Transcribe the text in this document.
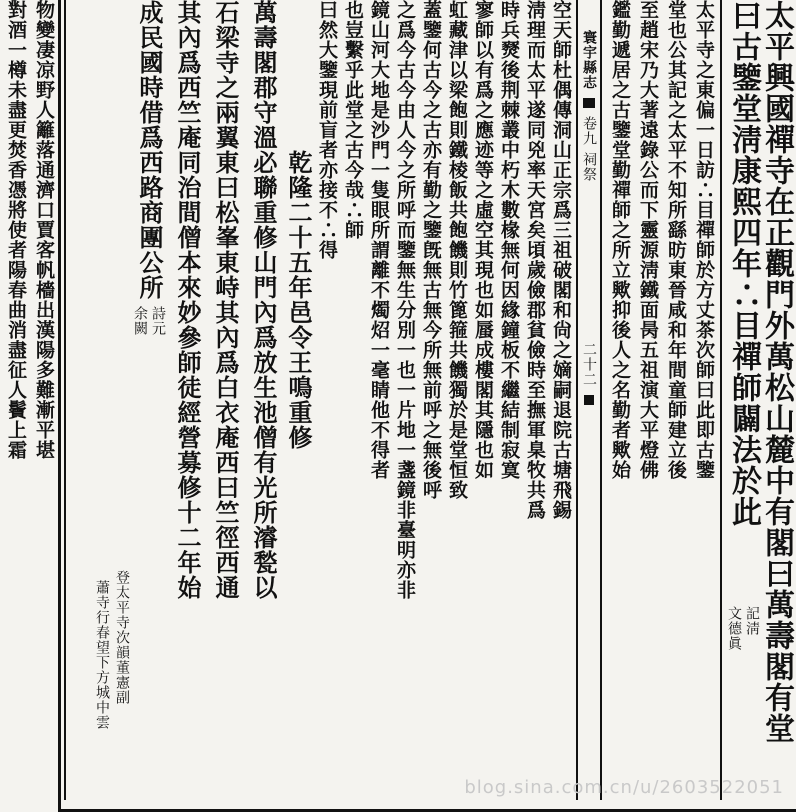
太平興國禪寺在正觀門外萬松山麓中有閣曰萬壽閣有堂
曰古鑒堂淸康熙四年∴目禪師闢法於此
記淸
文德眞
太平寺之東偏一日訪∴目禪師於方丈茶次師曰此即古鑒
堂也公其記之太平不知所繇昉東晉咸和年間童師建立後
至趙宋乃大著遠錄公而下靈源淸鐵面昺五祖演大平燈佛
鑑勤遞居之古鑒堂勤禪師之所立歟抑後人之名勤者歟始
寰宇縣志
卷九
祠祭
二十二
空天師杜偶傳洞山正宗爲三祖破閣和尙之嫡嗣退院古塘飛錫
淸理而太平遂同兇率天宮矣頃歲儉郡貧儉時至撫軍臬牧共爲
時兵燹後荆棘叢中朽木數椽無何因緣鐘板不繼結制寂寞
寥師以有爲之應迹等之虛空其現也如蜃成樓閣其隱也如
虹藏津以梁飽則鐵棱飯共飽饑則竹篦箍共饑獨於是堂恒致
蓋鑒何古今之古亦有勤之鑒旣無古無今所無前呼之無後呼
之爲今古今由人今之所呼而鑒無生分別一也一片地一盞鏡非臺明亦非
鏡山河大地是沙門一隻眼所謂離不燭炤一毫睛他不得者
也豈繫乎此堂之古今哉∴師
曰然大鑒現前盲者亦接不∴得
乾隆二十五年邑令王鳴重修
萬壽閣郡守溫必聯重修山門內爲放生池僧有光所濬甃以
石梁寺之兩翼東曰松峯東峙其內爲白衣庵西曰竺徑西通
其內爲西竺庵同治間僧本來妙參師徒經營募修十二年始
成民國時借爲西路商團公所
詩元
余闕
登太平寺次韻董憲副
蕭寺行春望下方城中雲
物變凄凉野人籬落通濟口賈客帆檣出漢陽多難漸平堪
對酒一樽未盡更焚香憑將使者陽春曲消盡征人鬢上霜
blog.sina.com.cn/u/2603522051
